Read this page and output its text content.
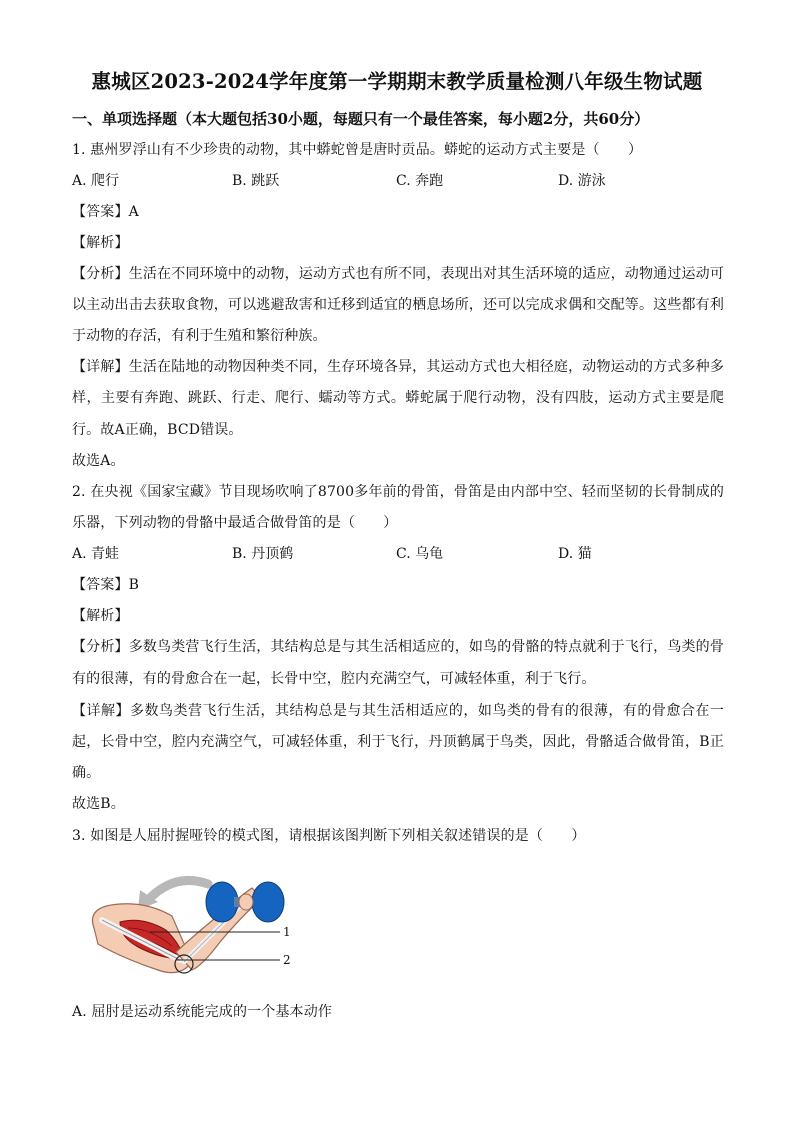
惠城区2023-2024学年度第一学期期末教学质量检测八年级生物试题
一、单项选择题（本大题包括30小题，每题只有一个最佳答案，每小题2分，共60分）
1. 惠州罗浮山有不少珍贵的动物，其中蟒蛇曾是唐时贡品。蟒蛇的运动方式主要是（　　）
A. 爬行	B. 跳跃	C. 奔跑	D. 游泳
【答案】A
【解析】
【分析】生活在不同环境中的动物，运动方式也有所不同，表现出对其生活环境的适应，动物通过运动可
以主动出击去获取食物，可以逃避敌害和迁移到适宜的栖息场所，还可以完成求偶和交配等。这些都有利
于动物的存活，有利于生殖和繁衍种族。
【详解】生活在陆地的动物因种类不同，生存环境各异，其运动方式也大相径庭，动物运动的方式多种多
样，主要有奔跑、跳跃、行走、爬行、蠕动等方式。蟒蛇属于爬行动物，没有四肢，运动方式主要是爬
行。故A正确，BCD错误。
故选A。
2. 在央视《国家宝藏》节目现场吹响了8700多年前的骨笛，骨笛是由内部中空、轻而坚韧的长骨制成的
乐器，下列动物的骨骼中最适合做骨笛的是（　　）
A. 青蛙	B. 丹顶鹤	C. 乌龟	D. 猫
【答案】B
【解析】
【分析】多数鸟类营飞行生活，其结构总是与其生活相适应的，如鸟的骨骼的特点就利于飞行，鸟类的骨
有的很薄，有的骨愈合在一起，长骨中空，腔内充满空气，可减轻体重，利于飞行。
【详解】多数鸟类营飞行生活，其结构总是与其生活相适应的，如鸟类的骨有的很薄，有的骨愈合在一
起，长骨中空，腔内充满空气，可减轻体重，利于飞行，丹顶鹤属于鸟类，因此，骨骼适合做骨笛，B正
确。
故选B。
3. 如图是人屈肘握哑铃的模式图，请根据该图判断下列相关叙述错误的是（　　）
1
2
A. 屈肘是运动系统能完成的一个基本动作
